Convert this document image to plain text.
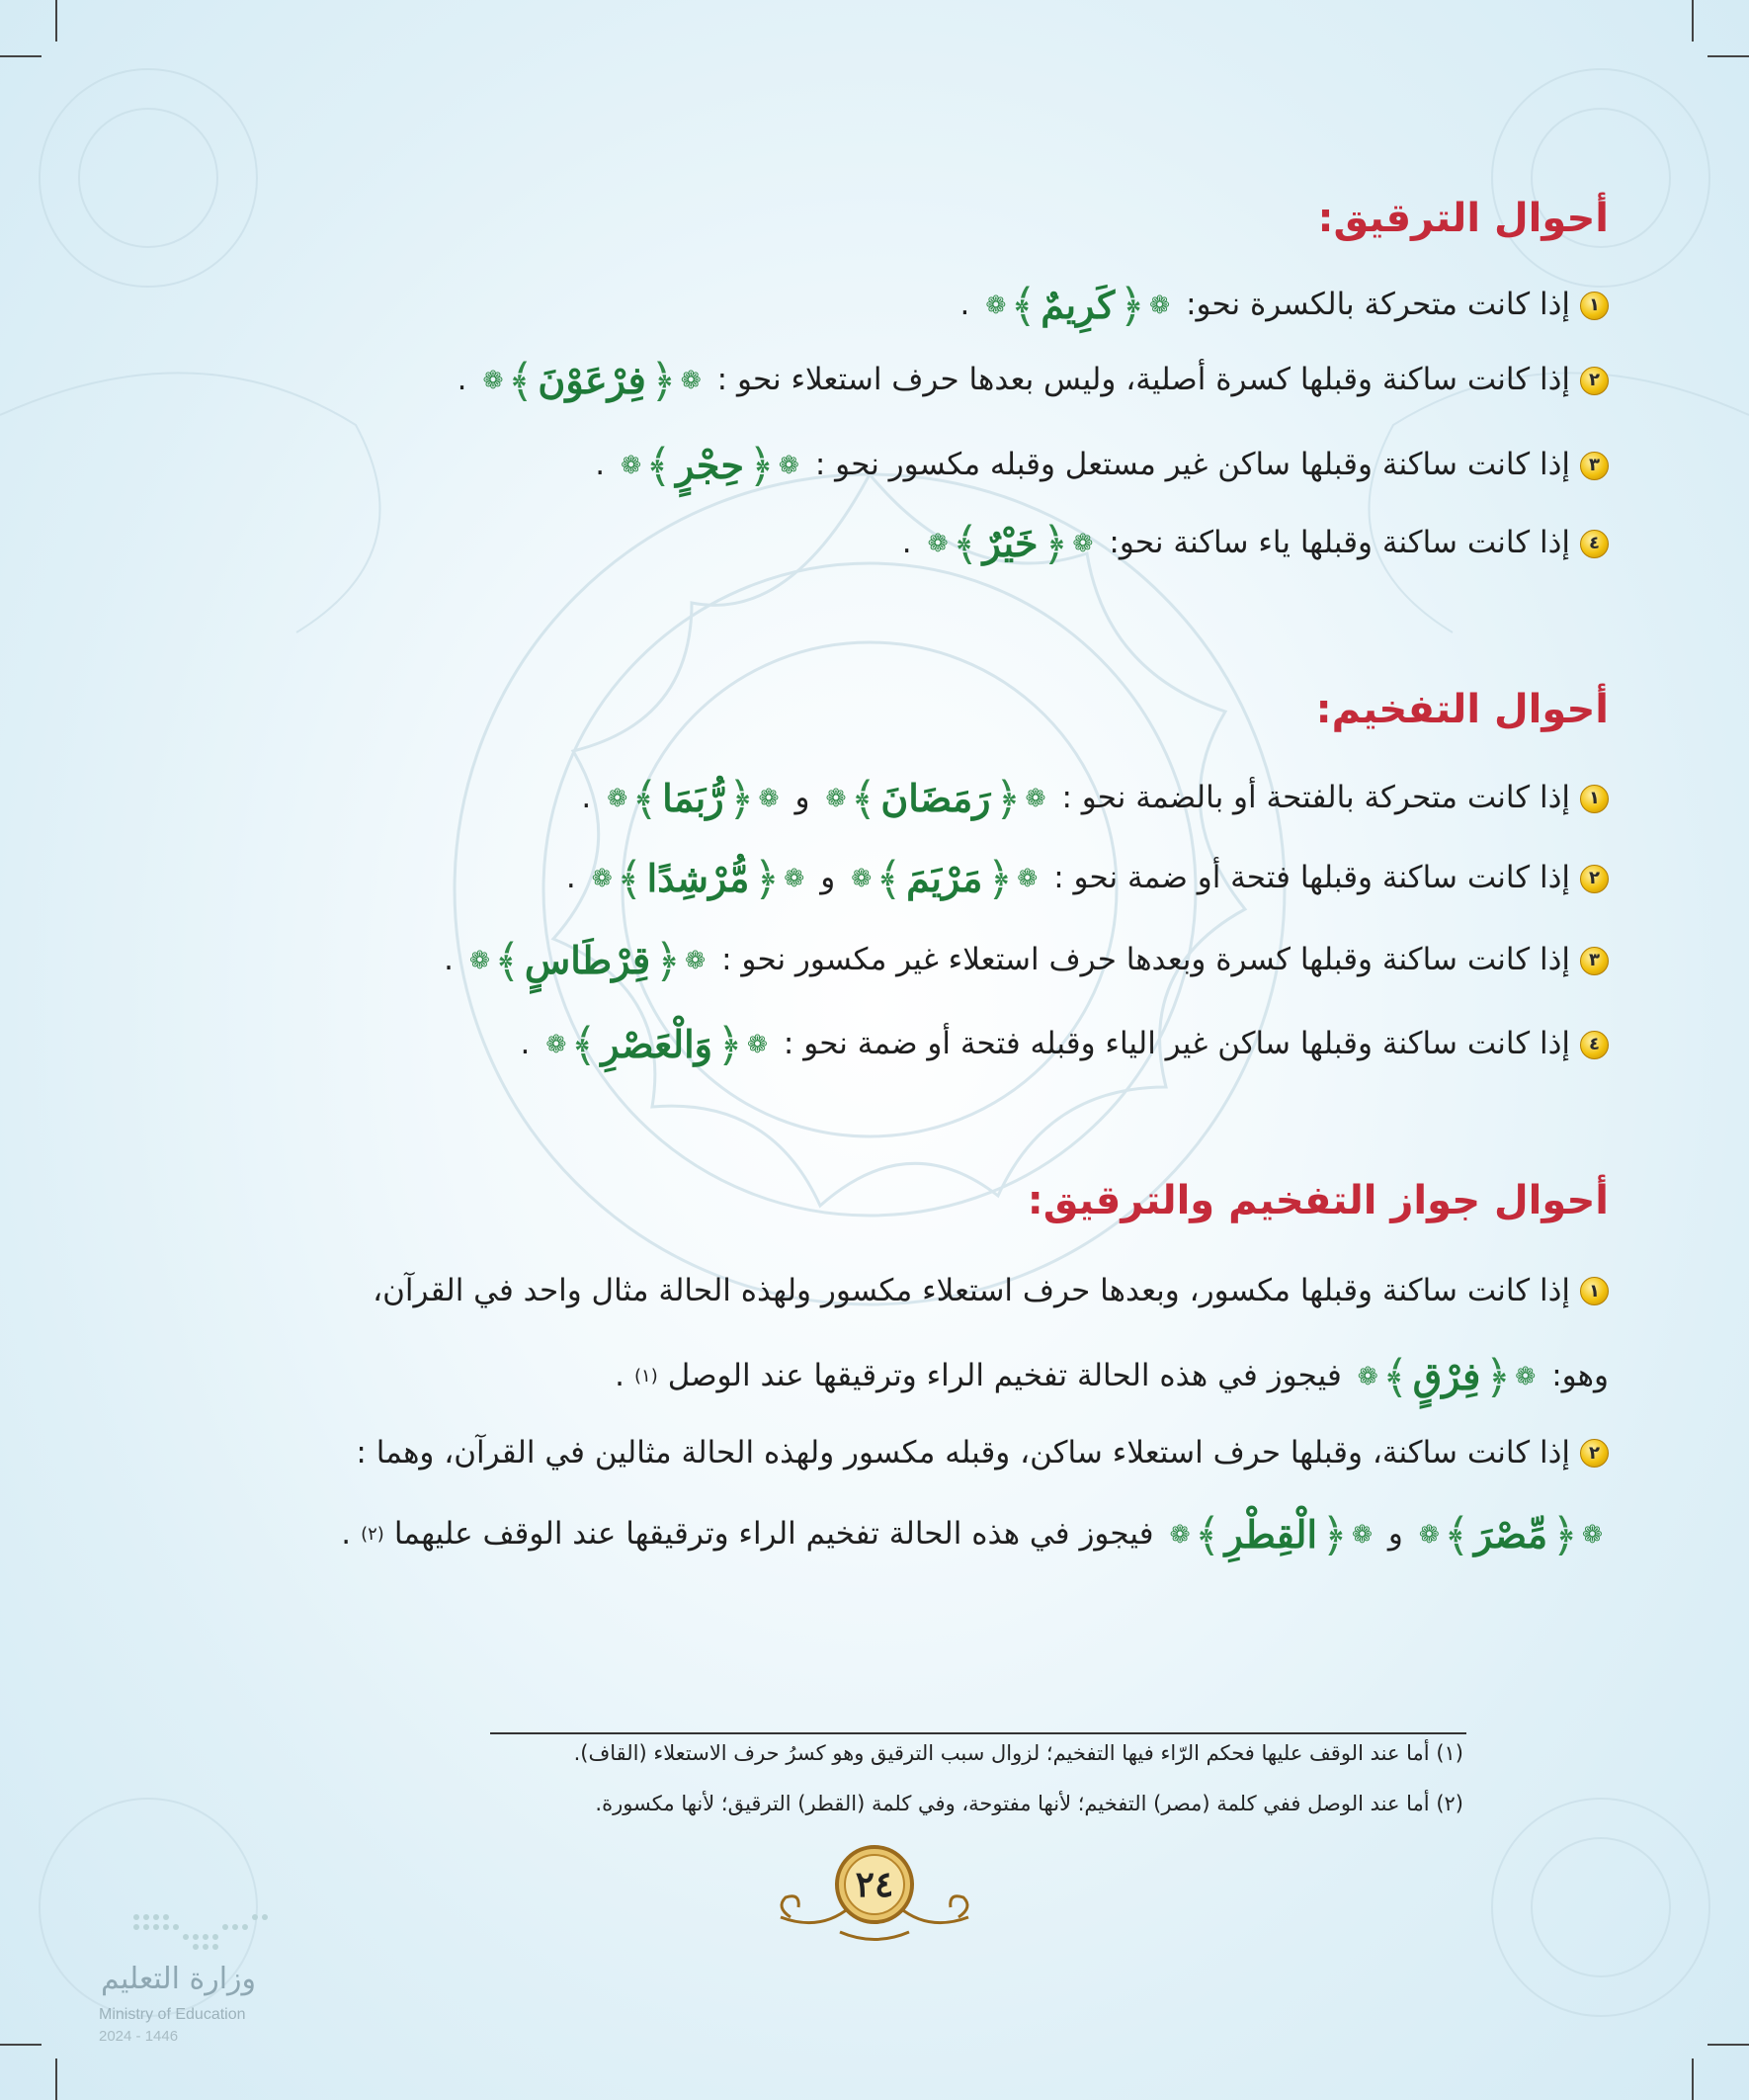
أحوال الترقيق:
١
إذا كانت متحركة بالكسرة نحو:
❁
﴿
كَرِيمٌ
﴾
❁
.
٢
إذا كانت ساكنة وقبلها كسرة أصلية، وليس بعدها حرف استعلاء نحو :
❁
﴿
فِرْعَوْنَ
﴾
❁
.
٣
إذا كانت ساكنة وقبلها ساكن غير مستعل وقبله مكسور نحو :
❁
﴿
حِجْرٍ
﴾
❁
.
٤
إذا كانت ساكنة وقبلها ياء ساكنة نحو:
❁
﴿
خَيْرٌ
﴾
❁
.
أحوال التفخيم:
١
إذا كانت متحركة بالفتحة أو بالضمة نحو :
❁
﴿
رَمَضَانَ
﴾
❁
و
❁
﴿
رُّبَمَا
﴾
❁
.
٢
إذا كانت ساكنة وقبلها فتحة أو ضمة نحو :
❁
﴿
مَرْيَمَ
﴾
❁
و
❁
﴿
مُّرْشِدًا
﴾
❁
.
٣
إذا كانت ساكنة وقبلها كسرة وبعدها حرف استعلاء غير مكسور نحو :
❁
﴿
قِرْطَاسٍ
﴾
❁
.
٤
إذا كانت ساكنة وقبلها ساكن غير الياء وقبله فتحة أو ضمة نحو :
❁
﴿
وَالْعَصْرِ
﴾
❁
.
أحوال جواز التفخيم والترقيق:
١
إذا كانت ساكنة وقبلها مكسور، وبعدها حرف استعلاء مكسور ولهذه الحالة مثال واحد في القرآن،
وهو:
❁
﴿
فِرْقٍ
﴾
❁
فيجوز في هذه الحالة تفخيم الراء وترقيقها عند الوصل
(١)
.
٢
إذا كانت ساكنة، وقبلها حرف استعلاء ساكن، وقبله مكسور ولهذه الحالة مثالين في القرآن، وهما :
❁
﴿
مِّصْرَ
﴾
❁
و
❁
﴿
الْقِطْرِ
﴾
❁
فيجوز في هذه الحالة تفخيم الراء وترقيقها عند الوقف عليهما
(٢)
.
(١) أما عند الوقف عليها فحكم الرّاء فيها التفخيم؛ لزوال سبب الترقيق وهو كسرُ حرف الاستعلاء (القاف).
(٢) أما عند الوصل ففي كلمة (مصر) التفخيم؛ لأنها مفتوحة، وفي كلمة (القطر) الترقيق؛ لأنها مكسورة.
٢٤
وزارة التعليم
Ministry of Education
2024 - 1446
